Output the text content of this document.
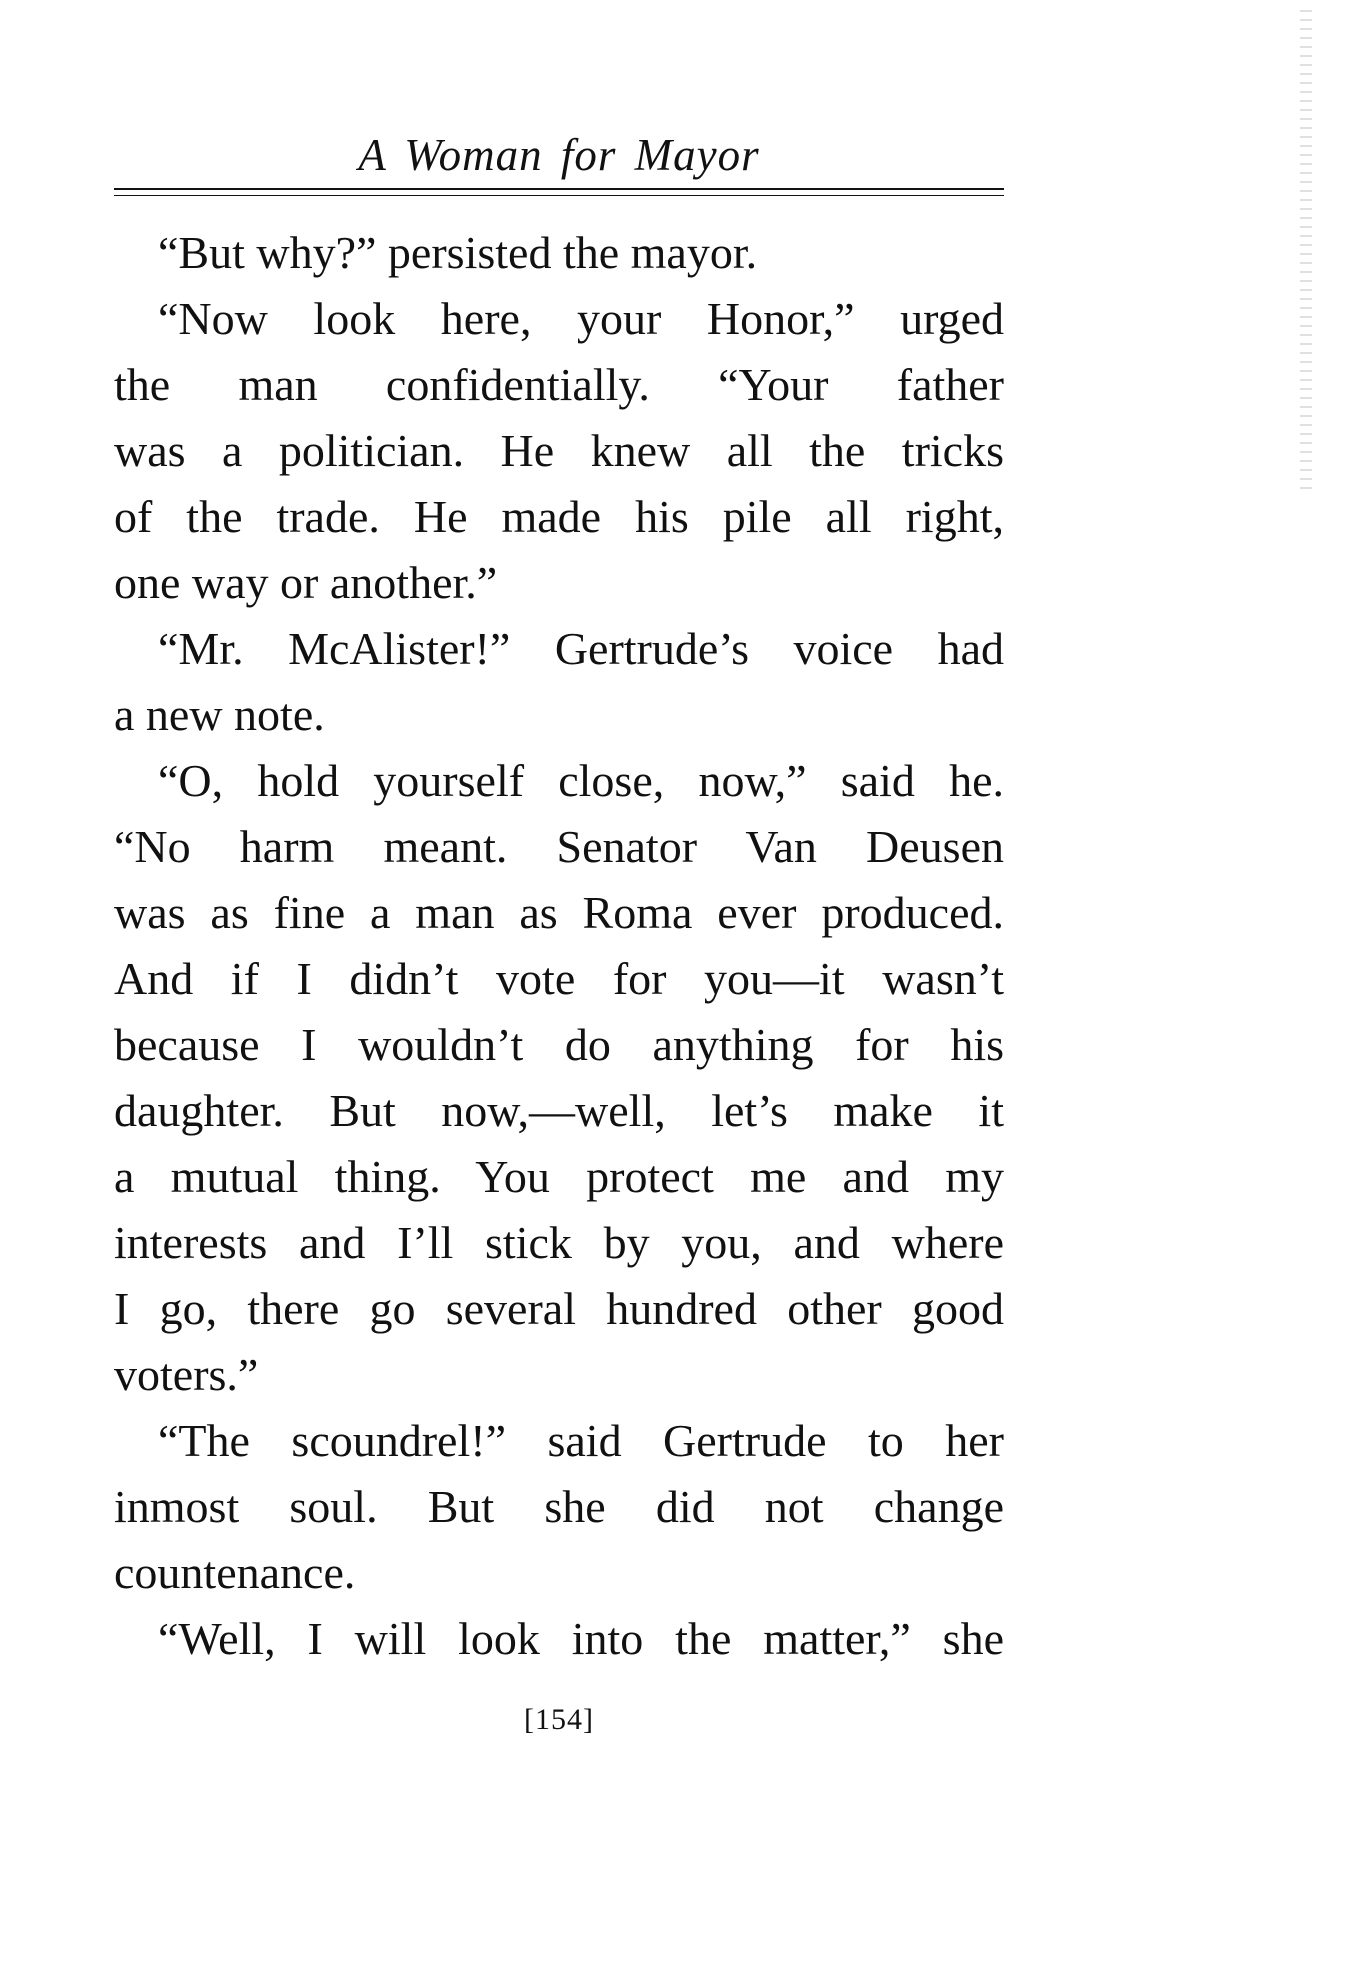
A Woman for Mayor
“But why?” persisted the mayor.
“Now look here, your Honor,” urged
the man confidentially. “Your father
was a politician. He knew all the tricks
of the trade. He made his pile all right,
one way or another.”
“Mr. McAlister!” Gertrude’s voice had
a new note.
“O, hold yourself close, now,” said he.
“No harm meant. Senator Van Deusen
was as fine a man as Roma ever produced.
And if I didn’t vote for you—it wasn’t
because I wouldn’t do anything for his
daughter. But now,—well, let’s make it
a mutual thing. You protect me and my
interests and I’ll stick by you, and where
I go, there go several hundred other good
voters.”
“The scoundrel!” said Gertrude to her
inmost soul. But she did not change
countenance.
“Well, I will look into the matter,” she
[154]
